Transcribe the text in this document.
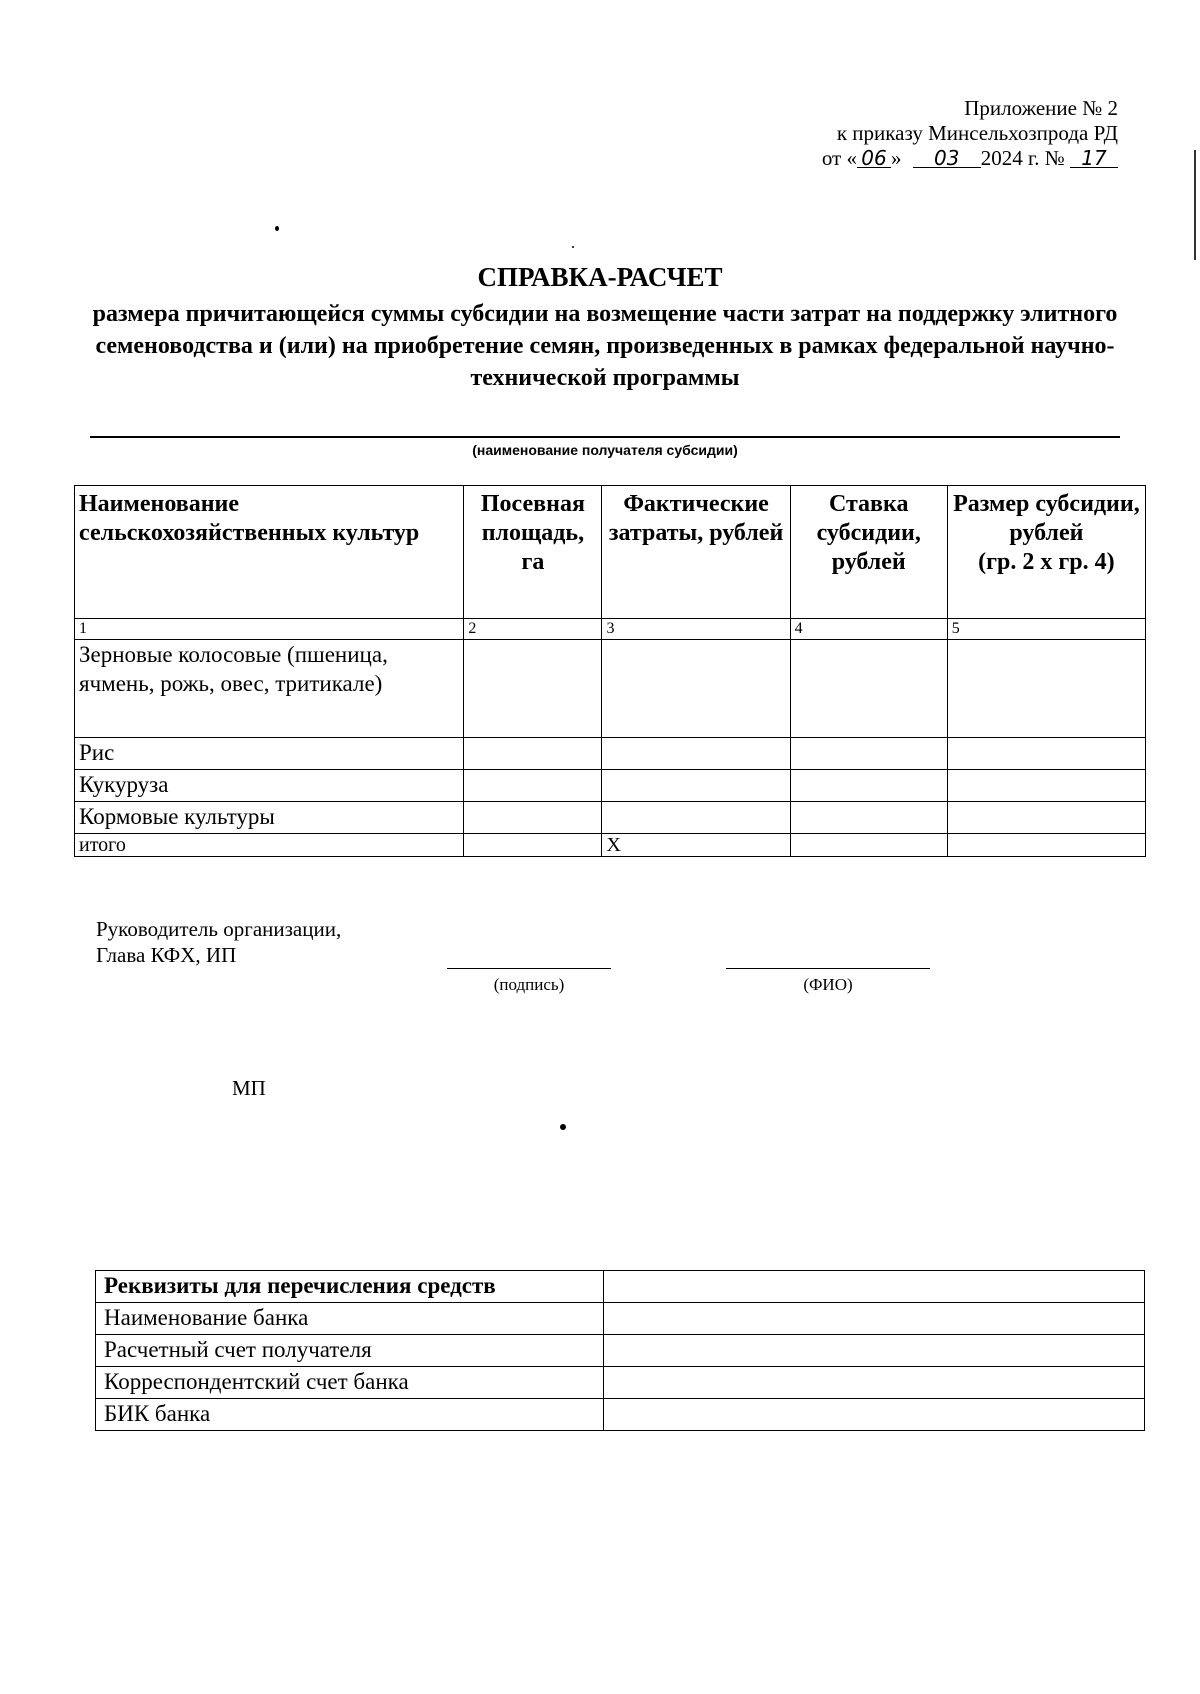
Приложение № 2
к приказу Минсельхозпрода РД
от « 06 » 03 2024 г. № 17
СПРАВКА-РАСЧЕТ
размера причитающейся суммы субсидии на возмещение части затрат на поддержку элитного семеноводства и (или) на приобретение семян, произведенных в рамках федеральной научно-технической программы
(наименование получателя субсидии)
Наименование сельскохозяйственных культур	Посевная площадь, га	Фактические затраты, рублей	Ставка субсидии, рублей	Размер субсидии, рублей
(гр. 2 х гр. 4)

1	2	3	4	5
Зерновые колосовые (пшеница, ячмень, рожь, овес, тритикале)				
Рис				
Кукуруза				
Кормовые культуры				
итого		Х		
Руководитель организации,
Глава КФХ, ИП
(подпись)	(ФИО)
МП
Реквизиты для перечисления средств	
Наименование банка	
Расчетный счет получателя	
Корреспондентский счет банка	
БИК банка	
